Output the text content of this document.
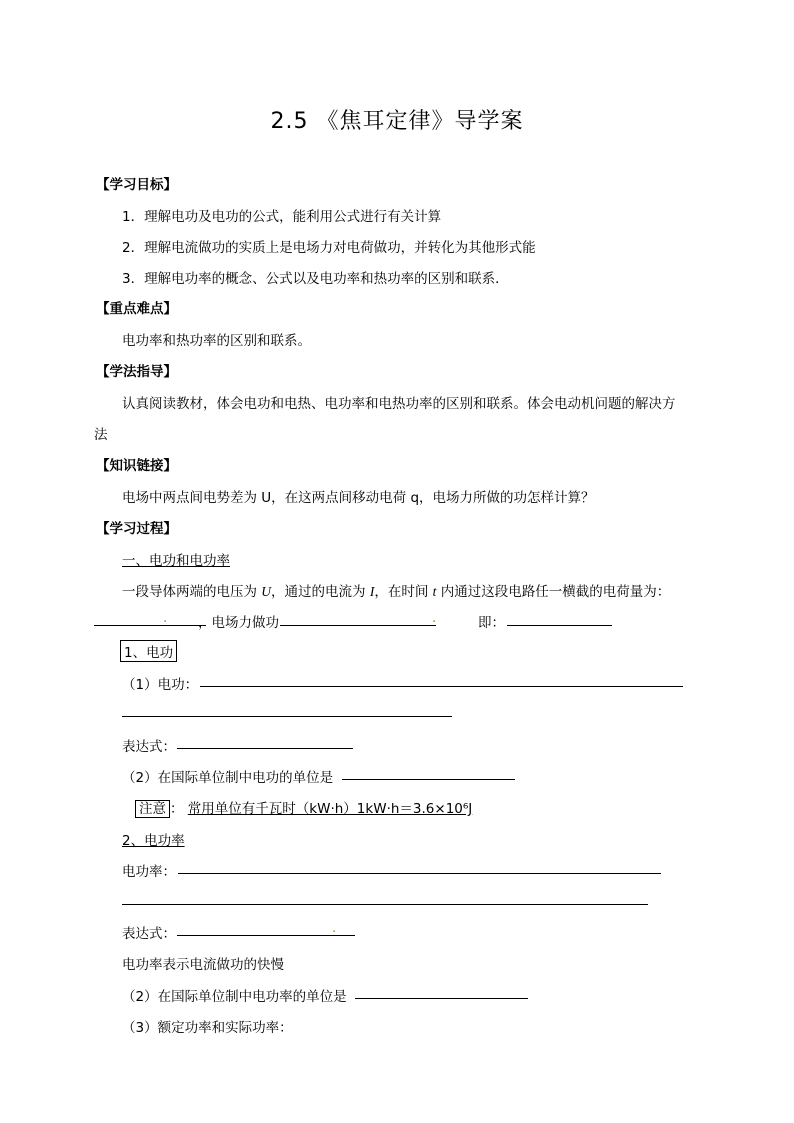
2.5 《焦耳定律》导学案
【学习目标】
1．理解电功及电功的公式，能利用公式进行有关计算
2．理解电流做功的实质上是电场力对电荷做功，并转化为其他形式能
3．理解电功率的概念、公式以及电功率和热功率的区别和联系．
【重点难点】
电功率和热功率的区别和联系。
【学法指导】
认真阅读教材，体会电功和电热、电功率和电热功率的区别和联系。体会电动机问题的解决方
法
【知识链接】
电场中两点间电势差为 U，在这两点间移动电荷 q，电场力所做的功怎样计算？
【学习过程】
一、电功和电功率
一段导体两端的电压为 U，通过的电流为 I，在时间 t 内通过这段电路任一横截的电荷量为：
. ，电场力做功	.	即：
1、电功
（1）电功：
表达式：
（2）在国际单位制中电功的单位是
注意 ： 常用单位有千瓦时（kW·h）1kW·h＝3.6×10⁶J
2、电功率
电功率：
表达式：	.
电功率表示电流做功的快慢
（2）在国际单位制中电功率的单位是
（3）额定功率和实际功率：
